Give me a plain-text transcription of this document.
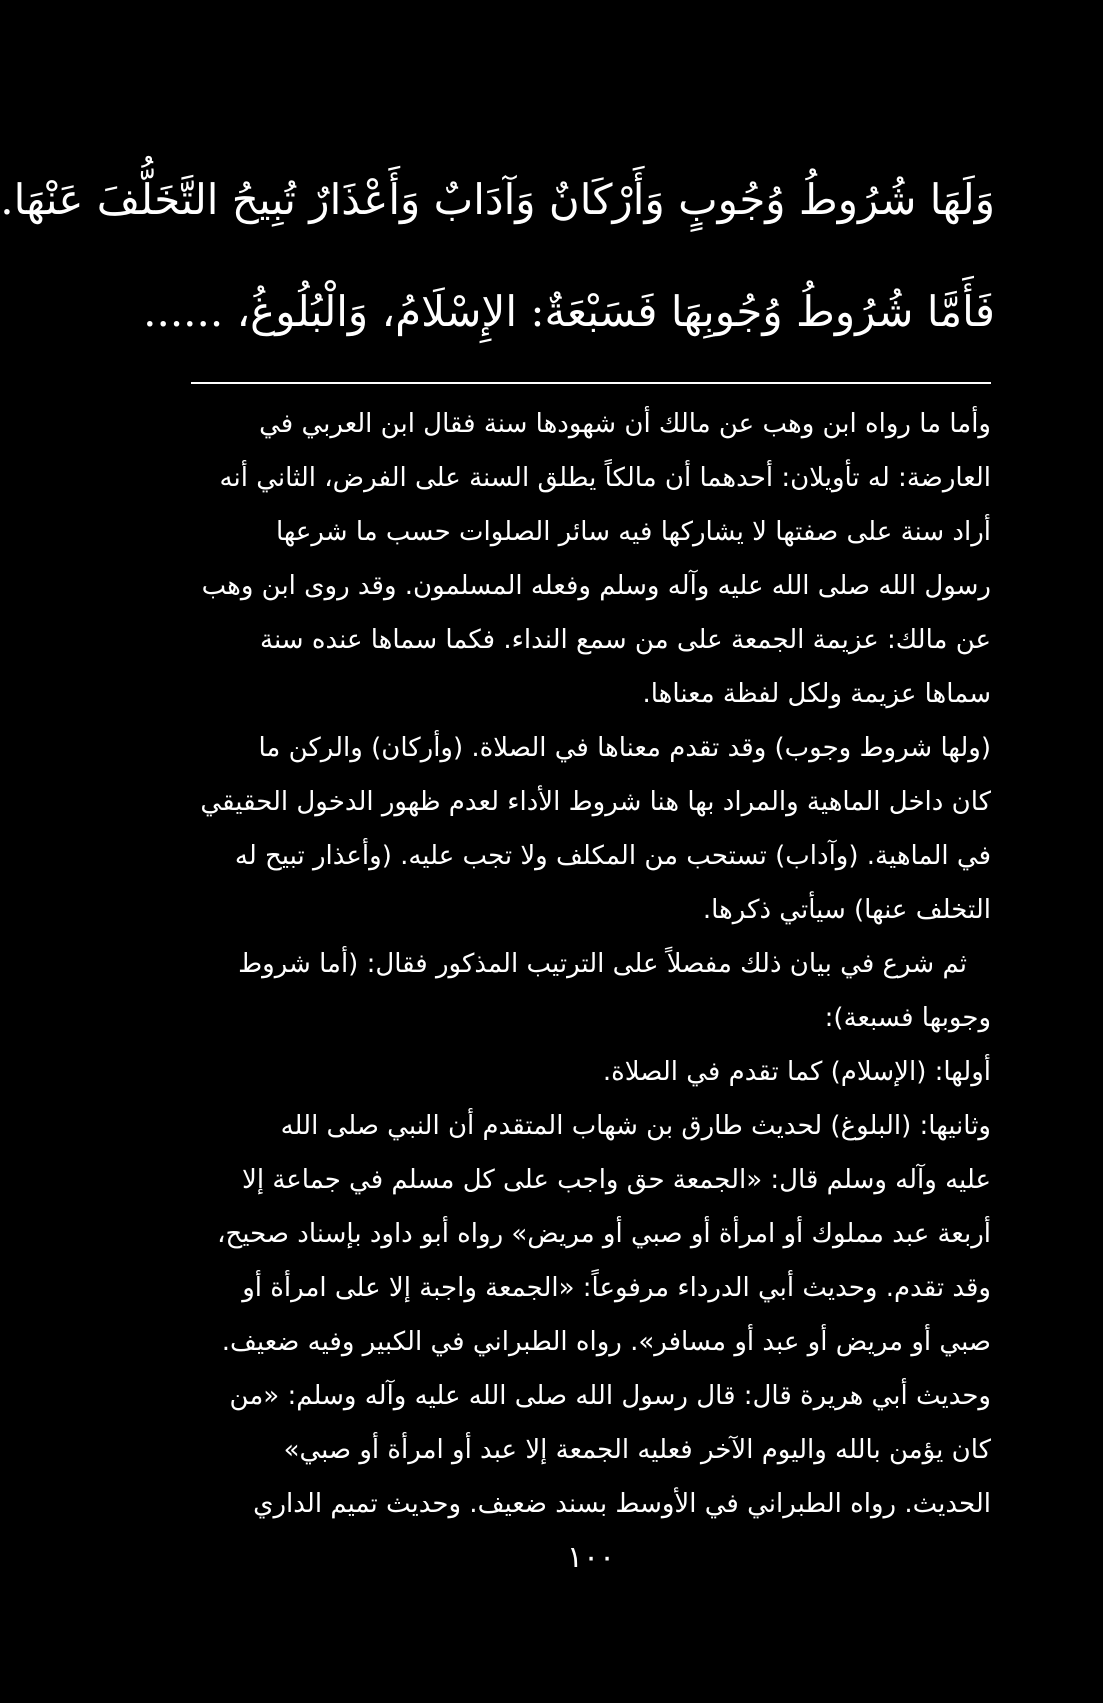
وَلَهَا شُرُوطُ وُجُوبٍ وَأَرْكَانٌ وَآدَابٌ وَأَعْذَارٌ تُبِيحُ التَّخَلُّفَ عَنْهَا.
فَأَمَّا شُرُوطُ وُجُوبِهَا فَسَبْعَةٌ: الإِسْلَامُ، وَالْبُلُوغُ، ......
وأما ما رواه ابن وهب عن مالك أن شهودها سنة فقال ابن العربي في
العارضة: له تأويلان: أحدهما أن مالكاً يطلق السنة على الفرض، الثاني أنه
أراد سنة على صفتها لا يشاركها فيه سائر الصلوات حسب ما شرعها
رسول الله صلى الله عليه وآله وسلم وفعله المسلمون. وقد روى ابن وهب
عن مالك: عزيمة الجمعة على من سمع النداء. فكما سماها عنده سنة
سماها عزيمة ولكل لفظة معناها.
(ولها شروط وجوب) وقد تقدم معناها في الصلاة. (وأركان) والركن ما
كان داخل الماهية والمراد بها هنا شروط الأداء لعدم ظهور الدخول الحقيقي
في الماهية. (وآداب) تستحب من المكلف ولا تجب عليه. (وأعذار تبيح له
التخلف عنها) سيأتي ذكرها.
ثم شرع في بيان ذلك مفصلاً على الترتيب المذكور فقال: (أما شروط
وجوبها فسبعة):
أولها: (الإسلام) كما تقدم في الصلاة.
وثانيها: (البلوغ) لحديث طارق بن شهاب المتقدم أن النبي صلى الله
عليه وآله وسلم قال: «الجمعة حق واجب على كل مسلم في جماعة إلا
أربعة عبد مملوك أو امرأة أو صبي أو مريض» رواه أبو داود بإسناد صحيح،
وقد تقدم. وحديث أبي الدرداء مرفوعاً: «الجمعة واجبة إلا على امرأة أو
صبي أو مريض أو عبد أو مسافر». رواه الطبراني في الكبير وفيه ضعيف.
وحديث أبي هريرة قال: قال رسول الله صلى الله عليه وآله وسلم: «من
كان يؤمن بالله واليوم الآخر فعليه الجمعة إلا عبد أو امرأة أو صبي»
الحديث. رواه الطبراني في الأوسط بسند ضعيف. وحديث تميم الداري
١٠٠
